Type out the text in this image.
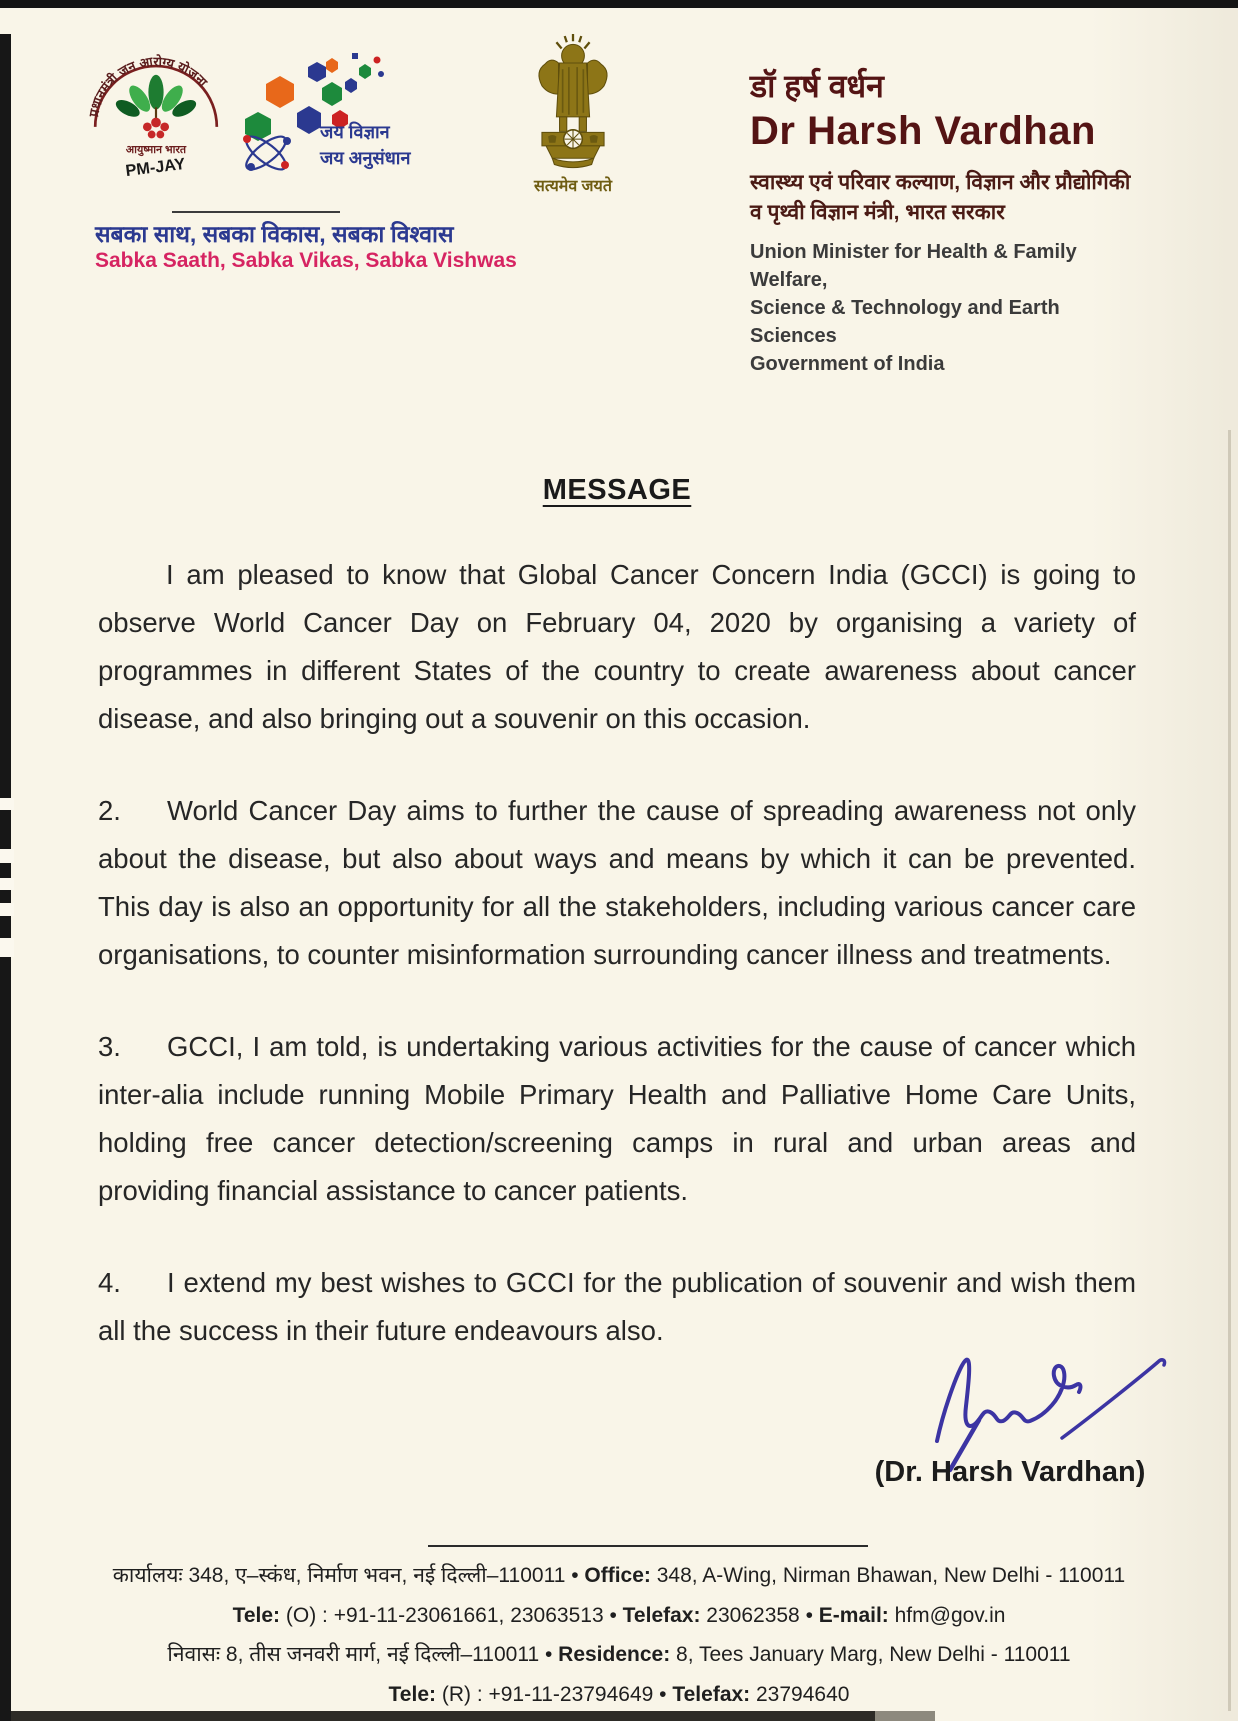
प्रधानमंत्री जन आरोग्य योजना
आयुष्मान भारत
PM-JAY
जय विज्ञान
जय अनुसंधान
सबका साथ, सबका विकास, सबका विश्वास
Sabka Saath, Sabka Vikas, Sabka Vishwas
सत्यमेव जयते
डॉ हर्ष वर्धन
Dr Harsh Vardhan
स्वास्थ्य एवं परिवार कल्याण, विज्ञान और प्रौद्योगिकी
व पृथ्वी विज्ञान मंत्री, भारत सरकार
Union Minister for Health & Family Welfare,
Science & Technology and Earth Sciences
Government of India
MESSAGE

I am pleased to know that Global Cancer Concern India (GCCI) is going to observe World Cancer Day on February 04, 2020 by organising a variety of programmes in different States of the country to create awareness about cancer disease, and also bringing out a souvenir on this occasion.

2. World Cancer Day aims to further the cause of spreading awareness not only about the disease, but also about ways and means by which it can be prevented. This day is also an opportunity for all the stakeholders, including various cancer care organisations, to counter misinformation surrounding cancer illness and treatments.

3. GCCI, I am told, is undertaking various activities for the cause of cancer which inter-alia include running Mobile Primary Health and Palliative Home Care Units, holding free cancer detection/screening camps in rural and urban areas and providing financial assistance to cancer patients.

4. I extend my best wishes to GCCI for the publication of souvenir and wish them all the success in their future endeavours also.

(Dr. Harsh Vardhan)
कार्यालयः 348, ए–स्कंध, निर्माण भवन, नई दिल्ली–110011 • Office: 348, A-Wing, Nirman Bhawan, New Delhi - 110011
Tele: (O) : +91-11-23061661, 23063513 • Telefax: 23062358 • E-mail: hfm@gov.in
निवासः 8, तीस जनवरी मार्ग, नई दिल्ली–110011 • Residence: 8, Tees January Marg, New Delhi - 110011
Tele: (R) : +91-11-23794649 • Telefax: 23794640
